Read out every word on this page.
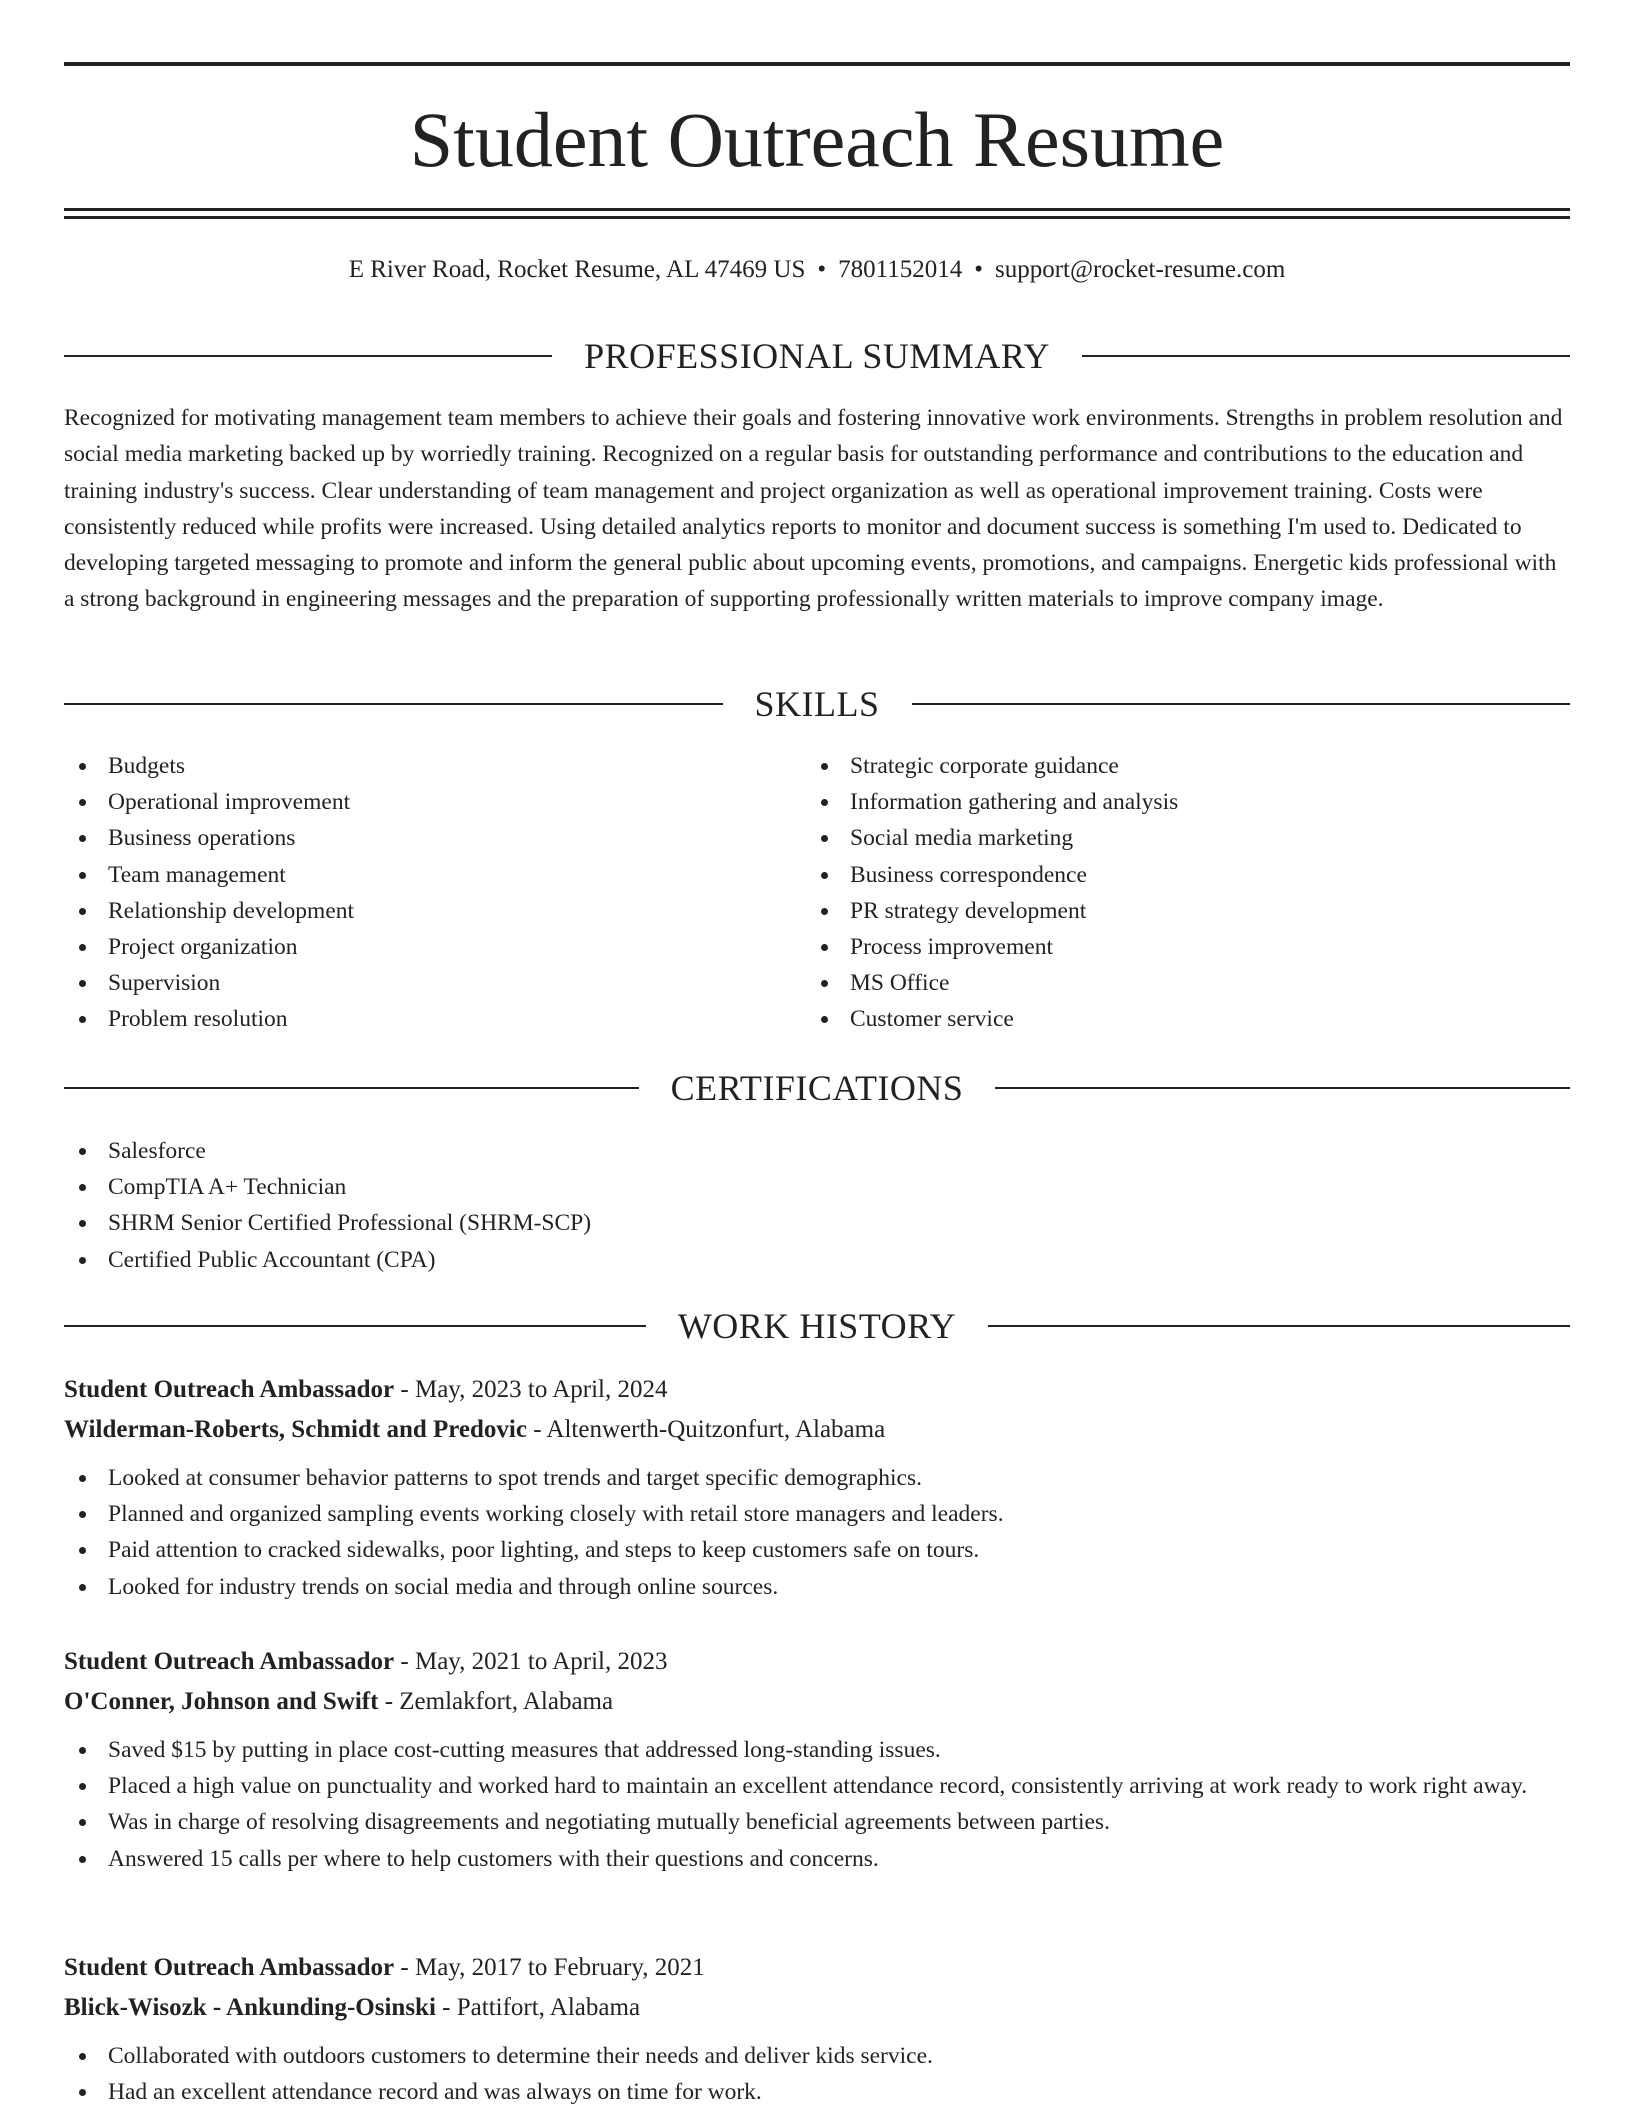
Student Outreach Resume
E River Road, Rocket Resume, AL 47469 US • 7801152014 • support@rocket-resume.com
PROFESSIONAL SUMMARY

Recognized for motivating management team members to achieve their goals and fostering innovative work environments. Strengths in problem resolution and social media marketing backed up by worriedly training. Recognized on a regular basis for outstanding performance and contributions to the education and training industry's success. Clear understanding of team management and project organization as well as operational improvement training. Costs were consistently reduced while profits were increased. Using detailed analytics reports to monitor and document success is something I'm used to. Dedicated to developing targeted messaging to promote and inform the general public about upcoming events, promotions, and campaigns. Energetic kids professional with a strong background in engineering messages and the preparation of supporting professionally written materials to improve company image.

SKILLS
Budgets
Operational improvement
Business operations
Team management
Relationship development
Project organization
Supervision
Problem resolution
Strategic corporate guidance
Information gathering and analysis
Social media marketing
Business correspondence
PR strategy development
Process improvement
MS Office
Customer service
CERTIFICATIONS
Salesforce
CompTIA A+ Technician
SHRM Senior Certified Professional (SHRM-SCP)
Certified Public Accountant (CPA)
WORK HISTORY
Student Outreach Ambassador - May, 2023 to April, 2024
Wilderman-Roberts, Schmidt and Predovic - Altenwerth-Quitzonfurt, Alabama
Looked at consumer behavior patterns to spot trends and target specific demographics.
Planned and organized sampling events working closely with retail store managers and leaders.
Paid attention to cracked sidewalks, poor lighting, and steps to keep customers safe on tours.
Looked for industry trends on social media and through online sources.
Student Outreach Ambassador - May, 2021 to April, 2023
O'Conner, Johnson and Swift - Zemlakfort, Alabama
Saved $15 by putting in place cost-cutting measures that addressed long-standing issues.
Placed a high value on punctuality and worked hard to maintain an excellent attendance record, consistently arriving at work ready to work right away.
Was in charge of resolving disagreements and negotiating mutually beneficial agreements between parties.
Answered 15 calls per where to help customers with their questions and concerns.
Student Outreach Ambassador - May, 2017 to February, 2021
Blick-Wisozk - Ankunding-Osinski - Pattifort, Alabama
Collaborated with outdoors customers to determine their needs and deliver kids service.
Had an excellent attendance record and was always on time for work.
